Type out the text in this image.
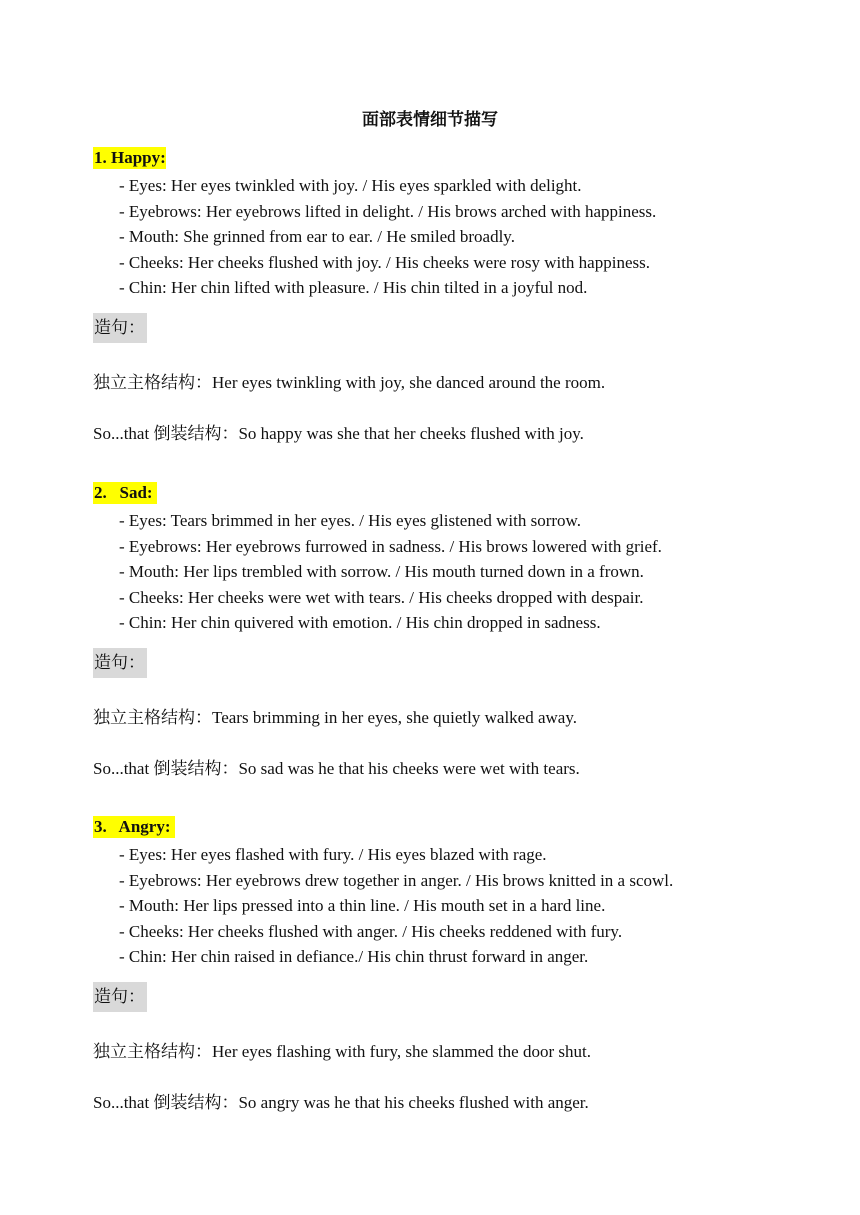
面部表情细节描写
1. Happy:
- Eyes: Her eyes twinkled with joy. / His eyes sparkled with delight.
- Eyebrows: Her eyebrows lifted in delight. / His brows arched with happiness.
- Mouth: She grinned from ear to ear. / He smiled broadly.
- Cheeks: Her cheeks flushed with joy. / His cheeks were rosy with happiness.
- Chin: Her chin lifted with pleasure. / His chin tilted in a joyful nod.
造句：
独立主格结构：Her eyes twinkling with joy, she danced around the room.
So...that 倒装结构：So happy was she that her cheeks flushed with joy.
2.   Sad:
- Eyes: Tears brimmed in her eyes. / His eyes glistened with sorrow.
- Eyebrows: Her eyebrows furrowed in sadness. / His brows lowered with grief.
- Mouth: Her lips trembled with sorrow. / His mouth turned down in a frown.
- Cheeks: Her cheeks were wet with tears. / His cheeks dropped with despair.
- Chin: Her chin quivered with emotion. / His chin dropped in sadness.
造句：
独立主格结构：Tears brimming in her eyes, she quietly walked away.
So...that 倒装结构：So sad was he that his cheeks were wet with tears.
3.   Angry:
- Eyes: Her eyes flashed with fury. / His eyes blazed with rage.
- Eyebrows: Her eyebrows drew together in anger. / His brows knitted in a scowl.
- Mouth: Her lips pressed into a thin line. / His mouth set in a hard line.
- Cheeks: Her cheeks flushed with anger. / His cheeks reddened with fury.
- Chin: Her chin raised in defiance./ His chin thrust forward in anger.
造句：
独立主格结构：Her eyes flashing with fury, she slammed the door shut.
So...that 倒装结构：So angry was he that his cheeks flushed with anger.
